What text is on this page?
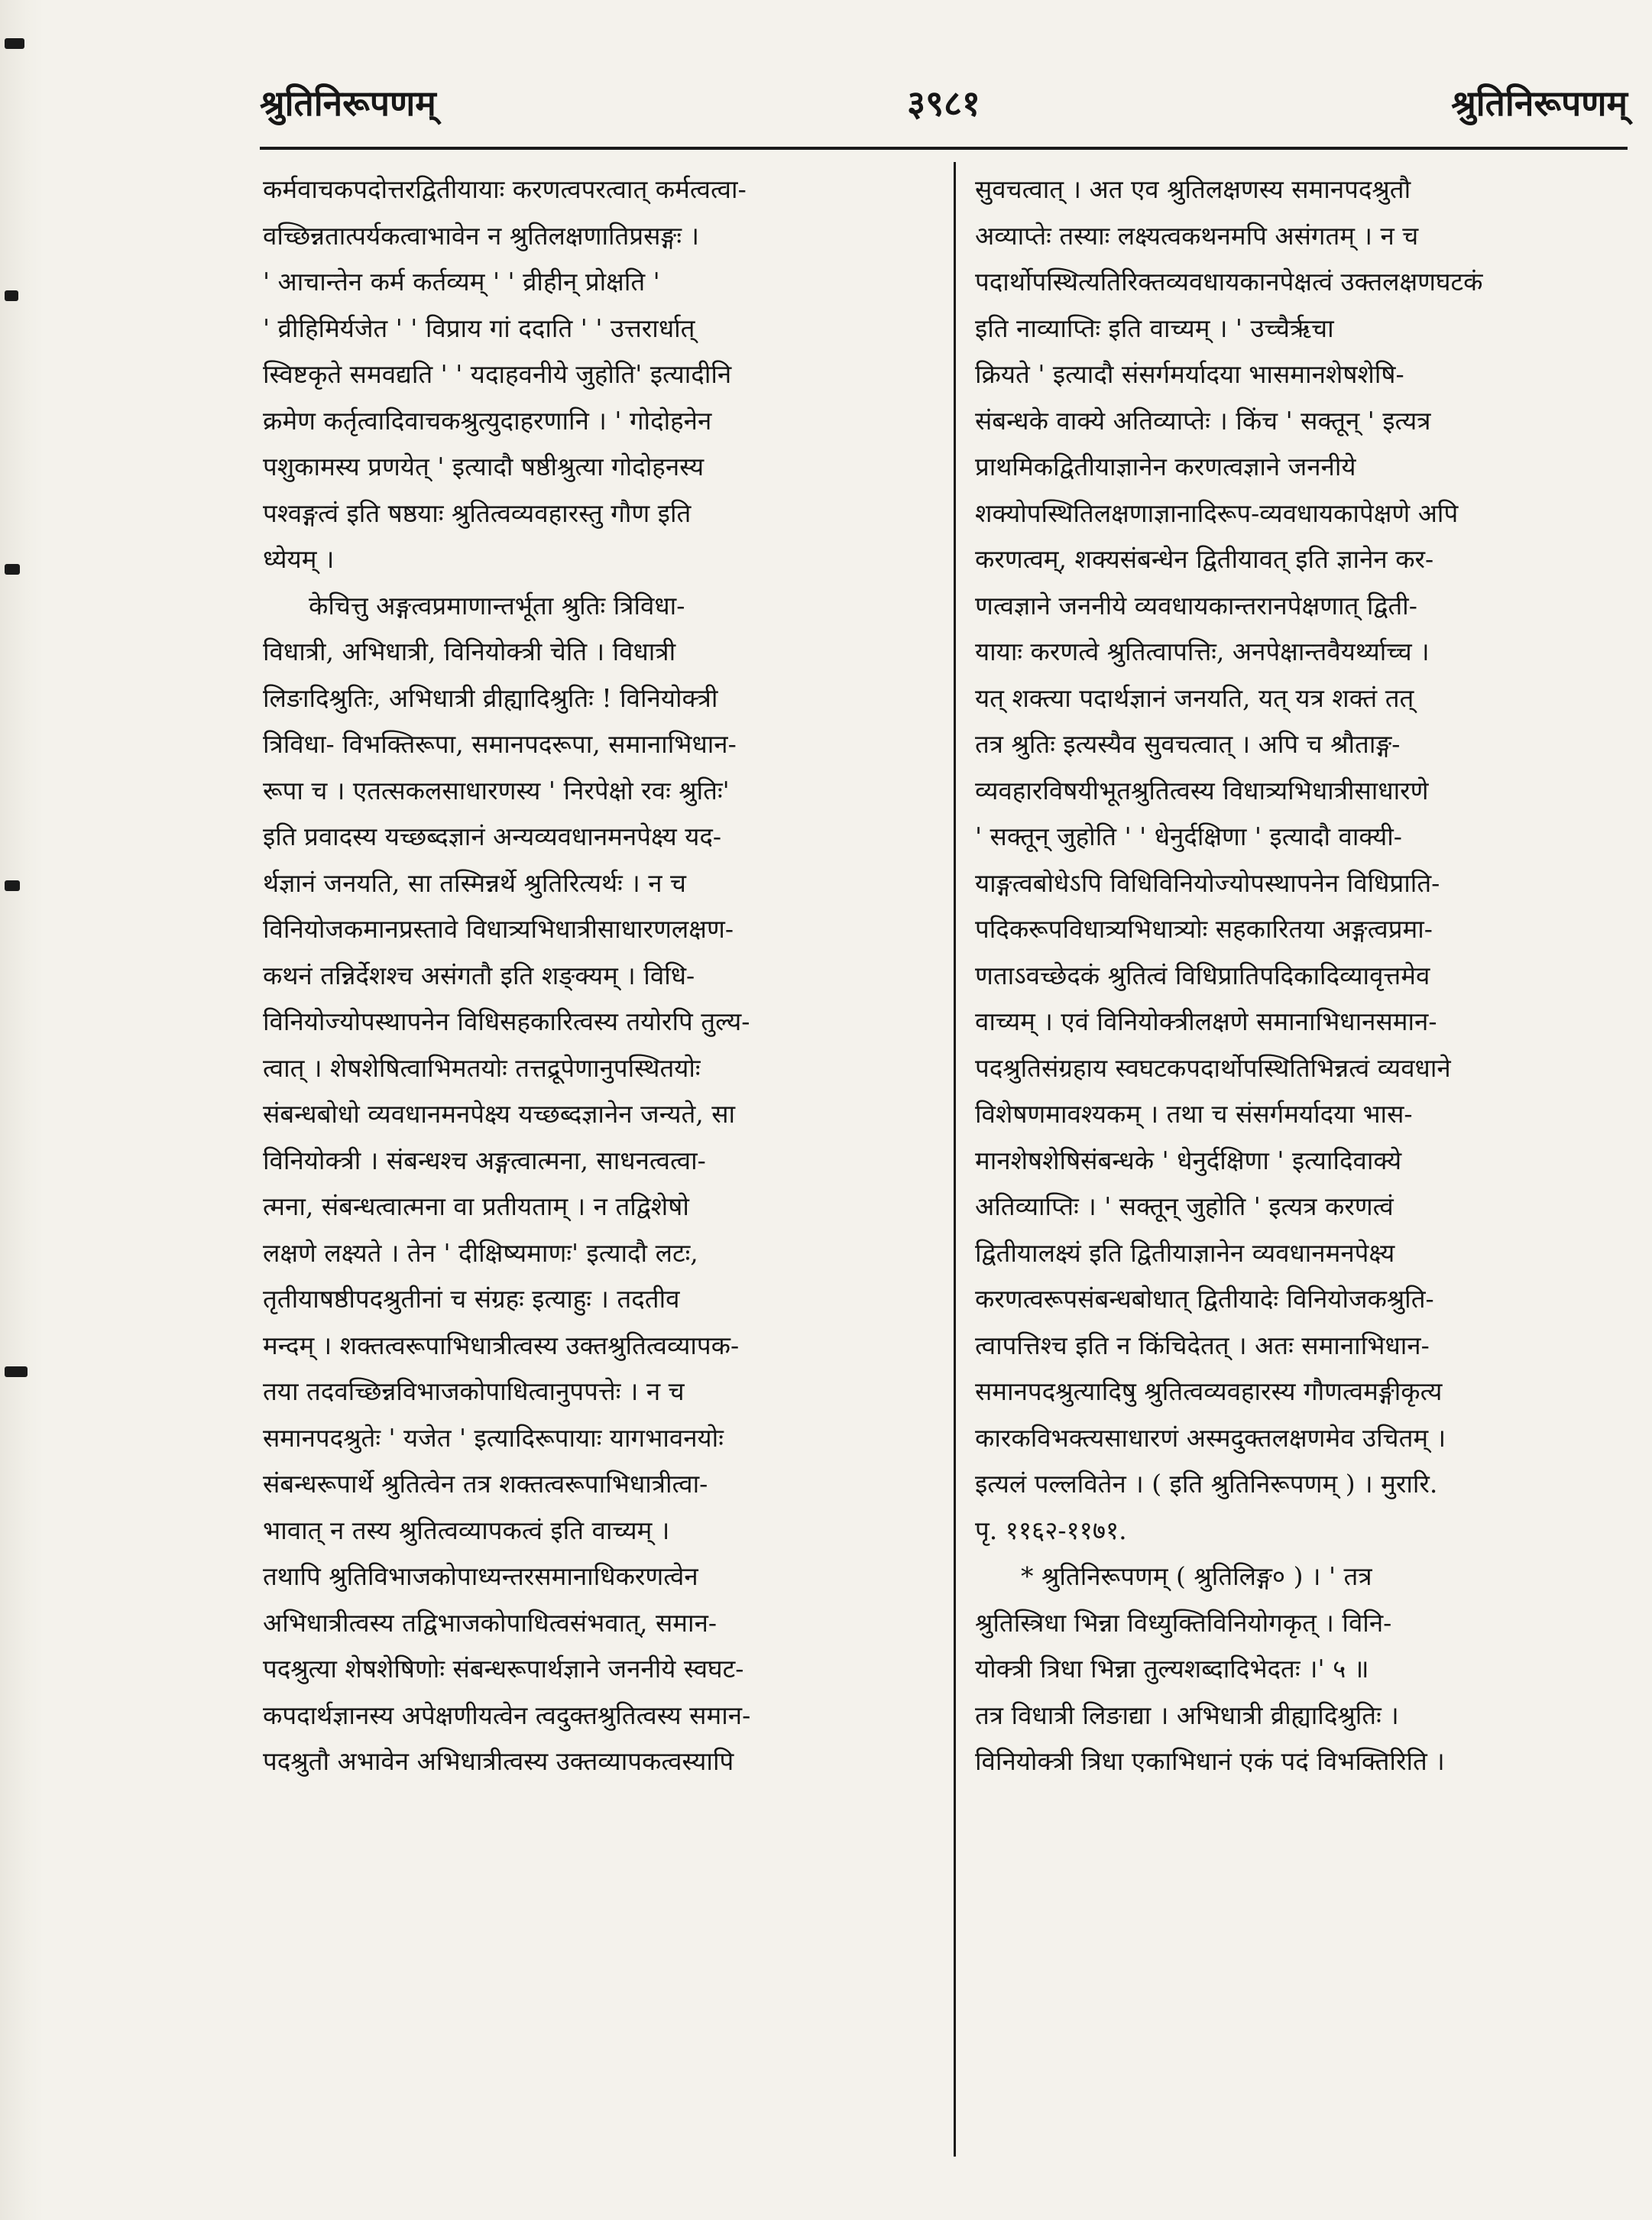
३९८१
श्रुतिनिरूपणम्	श्रुतिनिरूपणम्
कर्मवाचकपदोत्तरद्वितीयायाः करणत्वपरत्वात् कर्मत्वत्वा-
वच्छिन्नतात्पर्यकत्वाभावेन न श्रुतिलक्षणातिप्रसङ्गः ।
' आचान्तेन कर्म कर्तव्यम् ' ' व्रीहीन् प्रोक्षति '
' व्रीहिमिर्यजेत ' ' विप्राय गां ददाति ' ' उत्तरार्धात्
स्विष्टकृते समवद्यति ' ' यदाहवनीये जुहोति' इत्यादीनि
क्रमेण कर्तृत्वादिवाचकश्रुत्युदाहरणानि । ' गोदोहनेन
पशुकामस्य प्रणयेत् ' इत्यादौ षष्ठीश्रुत्या गोदोहनस्य
पश्वङ्गत्वं इति षष्ठयाः श्रुतित्वव्यवहारस्तु गौण इति
ध्येयम् ।
केचित्तु अङ्गत्वप्रमाणान्तर्भूता श्रुतिः त्रिविधा-
विधात्री, अभिधात्री, विनियोक्त्री चेति । विधात्री
लिङादिश्रुतिः, अभिधात्री व्रीह्यादिश्रुतिः ! विनियोक्त्री
त्रिविधा- विभक्तिरूपा, समानपदरूपा, समानाभिधान-
रूपा च । एतत्सकलसाधारणस्य ' निरपेक्षो रवः श्रुतिः'
इति प्रवादस्य यच्छब्दज्ञानं अन्यव्यवधानमनपेक्ष्य यद-
र्थज्ञानं जनयति, सा तस्मिन्नर्थे श्रुतिरित्यर्थः । न च
विनियोजकमानप्रस्तावे विधात्र्यभिधात्रीसाधारणलक्षण-
कथनं तन्निर्देशश्च असंगतौ इति शङ्क्यम् । विधि-
विनियोज्योपस्थापनेन विधिसहकारित्वस्य तयोरपि तुल्य-
त्वात् । शेषशेषित्वाभिमतयोः तत्तद्रूपेणानुपस्थितयोः
संबन्धबोधो व्यवधानमनपेक्ष्य यच्छब्दज्ञानेन जन्यते, सा
विनियोक्त्री । संबन्धश्च अङ्गत्वात्मना, साधनत्वत्वा-
त्मना, संबन्धत्वात्मना वा प्रतीयताम् । न तद्विशेषो
लक्षणे लक्ष्यते । तेन ' दीक्षिष्यमाणः' इत्यादौ लटः,
तृतीयाषष्ठीपदश्रुतीनां च संग्रहः इत्याहुः । तदतीव
मन्दम् । शक्तत्वरूपाभिधात्रीत्वस्य उक्तश्रुतित्वव्यापक-
तया तदवच्छिन्नविभाजकोपाधित्वानुपपत्तेः । न च
समानपदश्रुतेः ' यजेत ' इत्यादिरूपायाः यागभावनयोः
संबन्धरूपार्थे श्रुतित्वेन तत्र शक्तत्वरूपाभिधात्रीत्वा-
भावात् न तस्य श्रुतित्वव्यापकत्वं इति वाच्यम् ।
तथापि श्रुतिविभाजकोपाध्यन्तरसमानाधिकरणत्वेन
अभिधात्रीत्वस्य तद्विभाजकोपाधित्वसंभवात्, समान-
पदश्रुत्या शेषशेषिणोः संबन्धरूपार्थज्ञाने जननीये स्वघट-
कपदार्थज्ञानस्य अपेक्षणीयत्वेन त्वदुक्तश्रुतित्वस्य समान-
पदश्रुतौ अभावेन अभिधात्रीत्वस्य उक्तव्यापकत्वस्यापि
सुवचत्वात् । अत एव श्रुतिलक्षणस्य समानपदश्रुतौ
अव्याप्तेः तस्याः लक्ष्यत्वकथनमपि असंगतम् । न च
पदार्थोपस्थित्यतिरिक्तव्यवधायकानपेक्षत्वं उक्तलक्षणघटकं
इति नाव्याप्तिः इति वाच्यम् । ' उच्चैर्ऋचा
क्रियते ' इत्यादौ संसर्गमर्यादया भासमानशेषशेषि-
संबन्धके वाक्ये अतिव्याप्तेः । किंच ' सक्तून् ' इत्यत्र
प्राथमिकद्वितीयाज्ञानेन करणत्वज्ञाने जननीये
शक्योपस्थितिलक्षणाज्ञानादिरूप-व्यवधायकापेक्षणे अपि
करणत्वम्, शक्यसंबन्धेन द्वितीयावत् इति ज्ञानेन कर-
णत्वज्ञाने जननीये व्यवधायकान्तरानपेक्षणात् द्विती-
यायाः करणत्वे श्रुतित्वापत्तिः, अनपेक्षान्तवैयर्थ्याच्च ।
यत् शक्त्या पदार्थज्ञानं जनयति, यत् यत्र शक्तं तत्
तत्र श्रुतिः इत्यस्यैव सुवचत्वात् । अपि च श्रौताङ्ग-
व्यवहारविषयीभूतश्रुतित्वस्य विधात्र्यभिधात्रीसाधारणे
' सक्तून् जुहोति ' ' धेनुर्दक्षिणा ' इत्यादौ वाक्यी-
याङ्गत्वबोधेऽपि विधिविनियोज्योपस्थापनेन विधिप्राति-
पदिकरूपविधात्र्यभिधात्र्योः सहकारितया अङ्गत्वप्रमा-
णताऽवच्छेदकं श्रुतित्वं विधिप्रातिपदिकादिव्यावृत्तमेव
वाच्यम् । एवं विनियोक्त्रीलक्षणे समानाभिधानसमान-
पदश्रुतिसंग्रहाय स्वघटकपदार्थोपस्थितिभिन्नत्वं व्यवधाने
विशेषणमावश्यकम् । तथा च संसर्गमर्यादया भास-
मानशेषशेषिसंबन्धके ' धेनुर्दक्षिणा ' इत्यादिवाक्ये
अतिव्याप्तिः । ' सक्तून् जुहोति ' इत्यत्र करणत्वं
द्वितीयालक्ष्यं इति द्वितीयाज्ञानेन व्यवधानमनपेक्ष्य
करणत्वरूपसंबन्धबोधात् द्वितीयादेः विनियोजकश्रुति-
त्वापत्तिश्च इति न किंचिदेतत् । अतः समानाभिधान-
समानपदश्रुत्यादिषु श्रुतित्वव्यवहारस्य गौणत्वमङ्गीकृत्य
कारकविभक्त्यसाधारणं अस्मदुक्तलक्षणमेव उचितम् ।
इत्यलं पल्लवितेन । ( इति श्रुतिनिरूपणम् ) । मुरारि.
पृ. ११६२-११७१.
* श्रुतिनिरूपणम् ( श्रुतिलिङ्ग० ) । ' तत्र
श्रुतिस्त्रिधा भिन्ना विध्युक्तिविनियोगकृत् । विनि-
योक्त्री त्रिधा भिन्ना तुल्यशब्दादिभेदतः ।' ५ ॥
तत्र विधात्री लिङाद्या । अभिधात्री व्रीह्यादिश्रुतिः ।
विनियोक्त्री त्रिधा एकाभिधानं एकं पदं विभक्तिरिति ।
